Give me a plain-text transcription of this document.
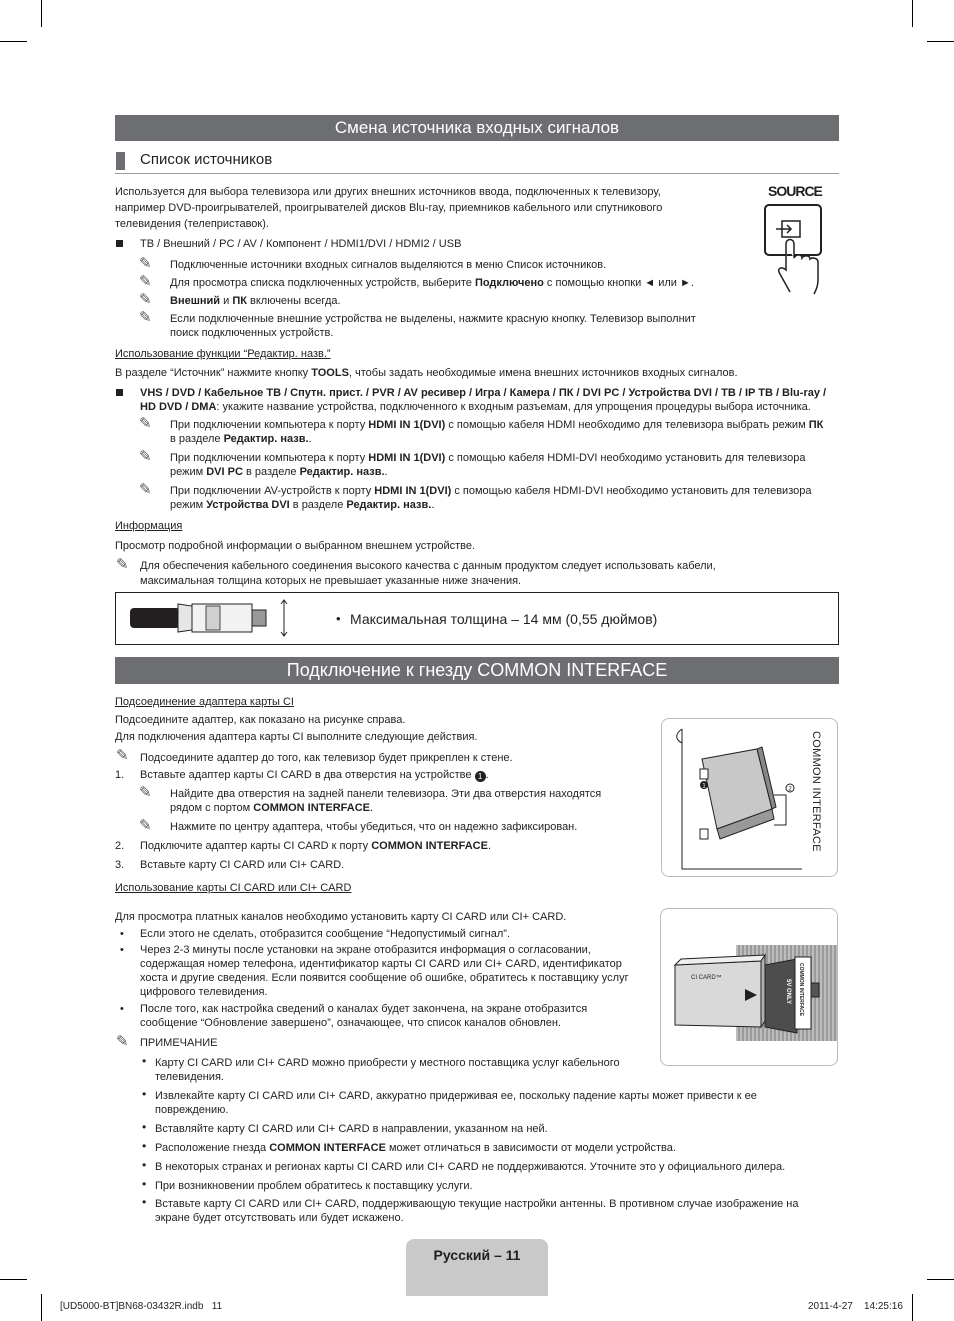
Смена источника входных сигналов
Список источников
Используется для выбора телевизора или других внешних источников ввода, подключенных к телевизору,
например DVD-проигрывателей, проигрывателей дисков Blu-ray, приемников кабельного или спутникового
телевидения (телеприставок).
ТВ / Внешний / PC / AV / Компонент / HDMI1/DVI / HDMI2 / USB
✎ Подключенные источники входных сигналов выделяются в меню Список источников.
✎ Для просмотра списка подключенных устройств, выберите Подключено с помощью кнопки ◄ или ►.
✎ Внешний и ПК включены всегда.
✎ Если подключенные внешние устройства не выделены, нажмите красную кнопку. Телевизор выполнит
поиск подключенных устройств.
SOURCE
Использование функции “Редактир. назв.”
В разделе “Источник” нажмите кнопку TOOLS, чтобы задать необходимые имена внешних источников входных сигналов.
VHS / DVD / Кабельное ТВ / Спутн. прист. / PVR / AV ресивер / Игра / Камера / ПК / DVI PC / Устройства DVI / ТВ / IP ТВ / Blu-ray /
HD DVD / DMA: укажите название устройства, подключенного к входным разъемам, для упрощения процедуры выбора источника.
✎ При подключении компьютера к порту HDMI IN 1(DVI) с помощью кабеля HDMI необходимо для телевизора выбрать режим ПК
в разделе Редактир. назв..
✎ При подключении компьютера к порту HDMI IN 1(DVI) с помощью кабеля HDMI-DVI необходимо установить для телевизора
режим DVI PC в разделе Редактир. назв..
✎ При подключении AV-устройств к порту HDMI IN 1(DVI) с помощью кабеля HDMI-DVI необходимо установить для телевизора
режим Устройства DVI в разделе Редактир. назв..
Информация
Просмотр подробной информации о выбранном внешнем устройстве.
✎ Для обеспечения кабельного соединения высокого качества с данным продуктом следует использовать кабели,
максимальная толщина которых не превышает указанные ниже значения.
• Максимальная толщина – 14 мм (0,55 дюймов)
Подключение к гнезду COMMON INTERFACE
Подсоединение адаптера карты CI
Подсоедините адаптер, как показано на рисунке справа.
Для подключения адаптера карты CI выполните следующие действия.
✎ Подсоедините адаптер до того, как телевизор будет прикреплен к стене.
1. Вставьте адаптер карты CI CARD в два отверстия на устройстве 1 .
✎ Найдите два отверстия на задней панели телевизора. Эти два отверстия находятся
рядом с портом COMMON INTERFACE.
✎ Нажмите по центру адаптера, чтобы убедиться, что он надежно зафиксирован.
2. Подключите адаптер карты CI CARD к порту COMMON INTERFACE.
3. Вставьте карту CI CARD или CI+ CARD.
1	2 COMMON INTERFACE
Использование карты CI CARD или CI+ CARD
Для просмотра платных каналов необходимо установить карту CI CARD или CI+ CARD.
• Если этого не сделать, отобразится сообщение “Недопустимый сигнал”.
• Через 2-3 минуты после установки на экране отобразится информация о согласовании,
содержащая номер телефона, идентификатор карты CI CARD или CI+ CARD, идентификатор
хоста и другие сведения. Если появится сообщение об ошибке, обратитесь к поставщику услуг
цифрового телевидения.
• После того, как настройка сведений о каналах будет закончена, на экране отобразится
сообщение “Обновление завершено”, означающее, что список каналов обновлен.
✎ ПРИМЕЧАНИЕ
• Карту CI CARD или CI+ CARD можно приобрести у местного поставщика услуг кабельного
телевидения.
• Извлекайте карту CI CARD или CI+ CARD, аккуратно придерживая ее, поскольку падение карты может привести к ее
повреждению.
• Вставляйте карту CI CARD или CI+ CARD в направлении, указанном на ней.
• Расположение гнезда COMMON INTERFACE может отличаться в зависимости от модели устройства.
• В некоторых странах и регионах карты CI CARD или CI+ CARD не поддерживаются. Уточните это у официального дилера.
• При возникновении проблем обратитесь к поставщику услуги.
• Вставьте карту CI CARD или CI+ CARD, поддерживающую текущие настройки антенны. В противном случае изображение на
экране будет отсутствовать или будет искажено.
CI CARD™	COMMON INTERFACE
5V ONLY
Русский – 11
[UD5000-BT]BN68-03432R.indb   11	2011-4-27    14:25:16
